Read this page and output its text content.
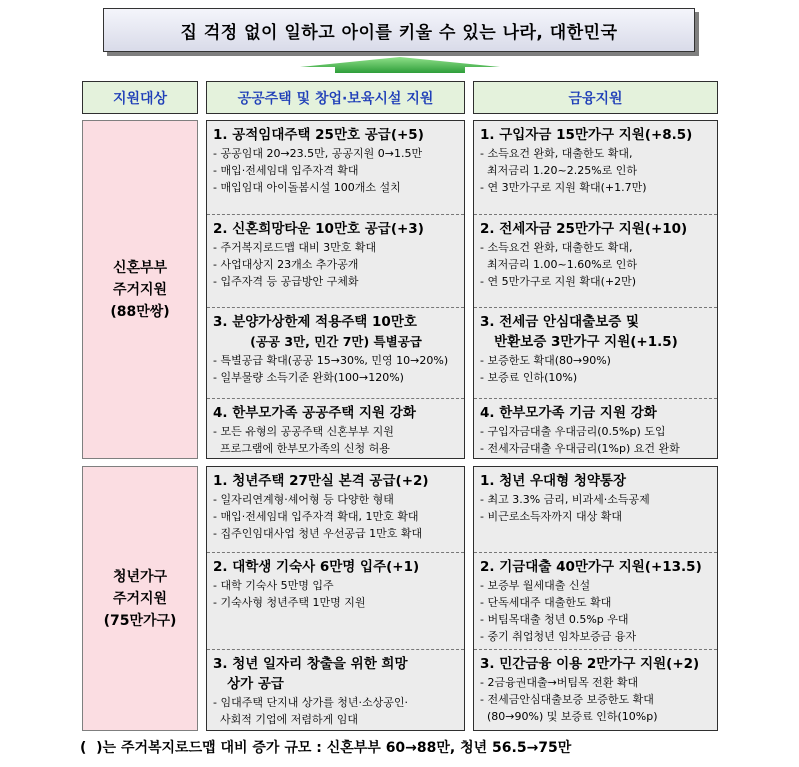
집 걱정 없이 일하고 아이를 키울 수 있는 나라, 대한민국
지원대상	공공주택 및 창업·보육시설 지원	금융지원
신혼부부
주거지원
(88만쌍)
1. 공적임대주택 25만호 공급(+5)
- 공공임대 20→23.5만, 공공지원 0→1.5만
- 매입·전세임대 입주자격 확대
- 매입임대 아이돌봄시설 100개소 설치
2. 신혼희망타운 10만호 공급(+3)
- 주거복지로드맵 대비 3만호 확대
- 사업대상지 23개소 추가공개
- 입주자격 등 공급방안 구체화
3. 분양가상한제 적용주택 10만호
(공공 3만, 민간 7만) 특별공급
- 특별공급 확대(공공 15→30%, 민영 10→20%)
- 일부물량 소득기준 완화(100→120%)
4. 한부모가족 공공주택 지원 강화
- 모든 유형의 공공주택 신혼부부 지원
프로그램에 한부모가족의 신청 허용
1. 구입자금 15만가구 지원(+8.5)
- 소득요건 완화, 대출한도 확대,
최저금리 1.20~2.25%로 인하
- 연 3만가구로 지원 확대(+1.7만)
2. 전세자금 25만가구 지원(+10)
- 소득요건 완화, 대출한도 확대,
최저금리 1.00~1.60%로 인하
- 연 5만가구로 지원 확대(+2만)
3. 전세금 안심대출보증 및
반환보증 3만가구 지원(+1.5)
- 보증한도 확대(80→90%)
- 보증료 인하(10%)
4. 한부모가족 기금 지원 강화
- 구입자금대출 우대금리(0.5%p) 도입
- 전세자금대출 우대금리(1%p) 요건 완화
청년가구
주거지원
(75만가구)
1. 청년주택 27만실 본격 공급(+2)
- 일자리연계형·셰어형 등 다양한 형태
- 매입·전세임대 입주자격 확대, 1만호 확대
- 집주인임대사업 청년 우선공급 1만호 확대
2. 대학생 기숙사 6만명 입주(+1)
- 대학 기숙사 5만명 입주
- 기숙사형 청년주택 1만명 지원
3. 청년 일자리 창출을 위한 희망
상가 공급
- 임대주택 단지내 상가를 청년·소상공인·
사회적 기업에 저렴하게 임대
1. 청년 우대형 청약통장
- 최고 3.3% 금리, 비과세·소득공제
- 비근로소득자까지 대상 확대
2. 기금대출 40만가구 지원(+13.5)
- 보증부 월세대출 신설
- 단독세대주 대출한도 확대
- 버팀목대출 청년 0.5%p 우대
- 중기 취업청년 임차보증금 융자
3. 민간금융 이용 2만가구 지원(+2)
- 2금융권대출→버팀목 전환 확대
- 전세금안심대출보증 보증한도 확대
(80→90%) 및 보증료 인하(10%p)
(  )는 주거복지로드맵 대비 증가 규모 : 신혼부부 60→88만, 청년 56.5→75만
